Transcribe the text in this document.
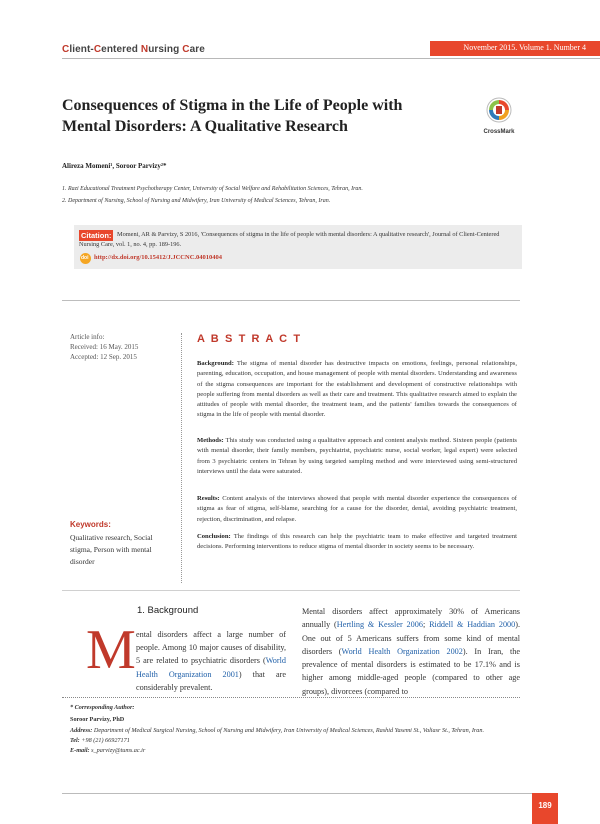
Client-Centered Nursing Care	November 2015. Volume 1. Number 4
Consequences of Stigma in the Life of People with Mental Disorders: A Qualitative Research	CrossMark
Alireza Momeni¹, Soroor Parvizy²*
1. Razi Educational Treatment Psychotherapy Center, University of Social Welfare and Rehabilitation Sciences, Tehran, Iran.
2. Department of Nursing, School of Nursing and Midwifery, Iran University of Medical Sciences, Tehran, Iran.
Momeni, AR & Parvizy, S 2016, 'Consequences of stigma in the life of people with mental disorders: A qualitative research', Journal of Client-Centered Nursing Care, vol. 1, no. 4, pp. 189-196.
Citation:
doi http://dx.doi.org/10.15412/J.JCCNC.04010404
Article info:
Received: 16 May. 2015
Accepted: 12 Sep. 2015
Keywords:
Qualitative research, Social stigma, Person with mental disorder
A B S T R A C T
Background: The stigma of mental disorder has destructive impacts on emotions, feelings, personal relationships, parenting, education, occupation, and house management of people with mental disorders. Understanding and awareness of the stigma consequences are important for the establishment and development of constructive relationships with people suffering from mental disorders as well as their care and treatment. This qualitative research aimed to explain the attitudes of people with mental disorder, the treatment team, and the patients' families towards the consequences of stigma in the life of people with mental disorder.
Methods: This study was conducted using a qualitative approach and content analysis method. Sixteen people (patients with mental disorder, their family members, psychiatrist, psychiatric nurse, social worker, legal expert) were selected from 3 psychiatric centers in Tehran by using targeted sampling method and were interviewed using semi-structured interviews until the data were saturated.
Results: Content analysis of the interviews showed that people with mental disorder experience the consequences of stigma as fear of stigma, self-blame, searching for a cause for the disorder, denial, avoiding psychiatric treatment, rejection, discrimination, and relapse.
Conclusion: The findings of this research can help the psychiatric team to make effective and targeted treatment decisions. Performing interventions to reduce stigma of mental disorder in society seems to be necessary.
1. Background
M ental disorders affect a large number of people. Among 10 major causes of disability, 5 are related to psychiatric disorders (World Health Organization 2001) that are considerably prevalent.
Mental disorders affect approximately 30% of Americans annually (Hertling & Kessler 2006; Riddell & Haddian 2000). One out of 5 Americans suffers from some kind of mental disorders (World Health Organization 2002). In Iran, the prevalence of mental disorders is estimated to be 17.1% and is higher among middle-aged people (compared to other age groups), divorcees (compared to
* Corresponding Author:
Soroor Parvizy, PhD
Address: Department of Medical Surgical Nursing, School of Nursing and Midwifery, Iran University of Medical Sciences, Rashid Yasemi St., Valiasr St., Tehran, Iran.
Tel: +98 (21) 66927171
E-mail: s_parvizy@tums.ac.ir
189
